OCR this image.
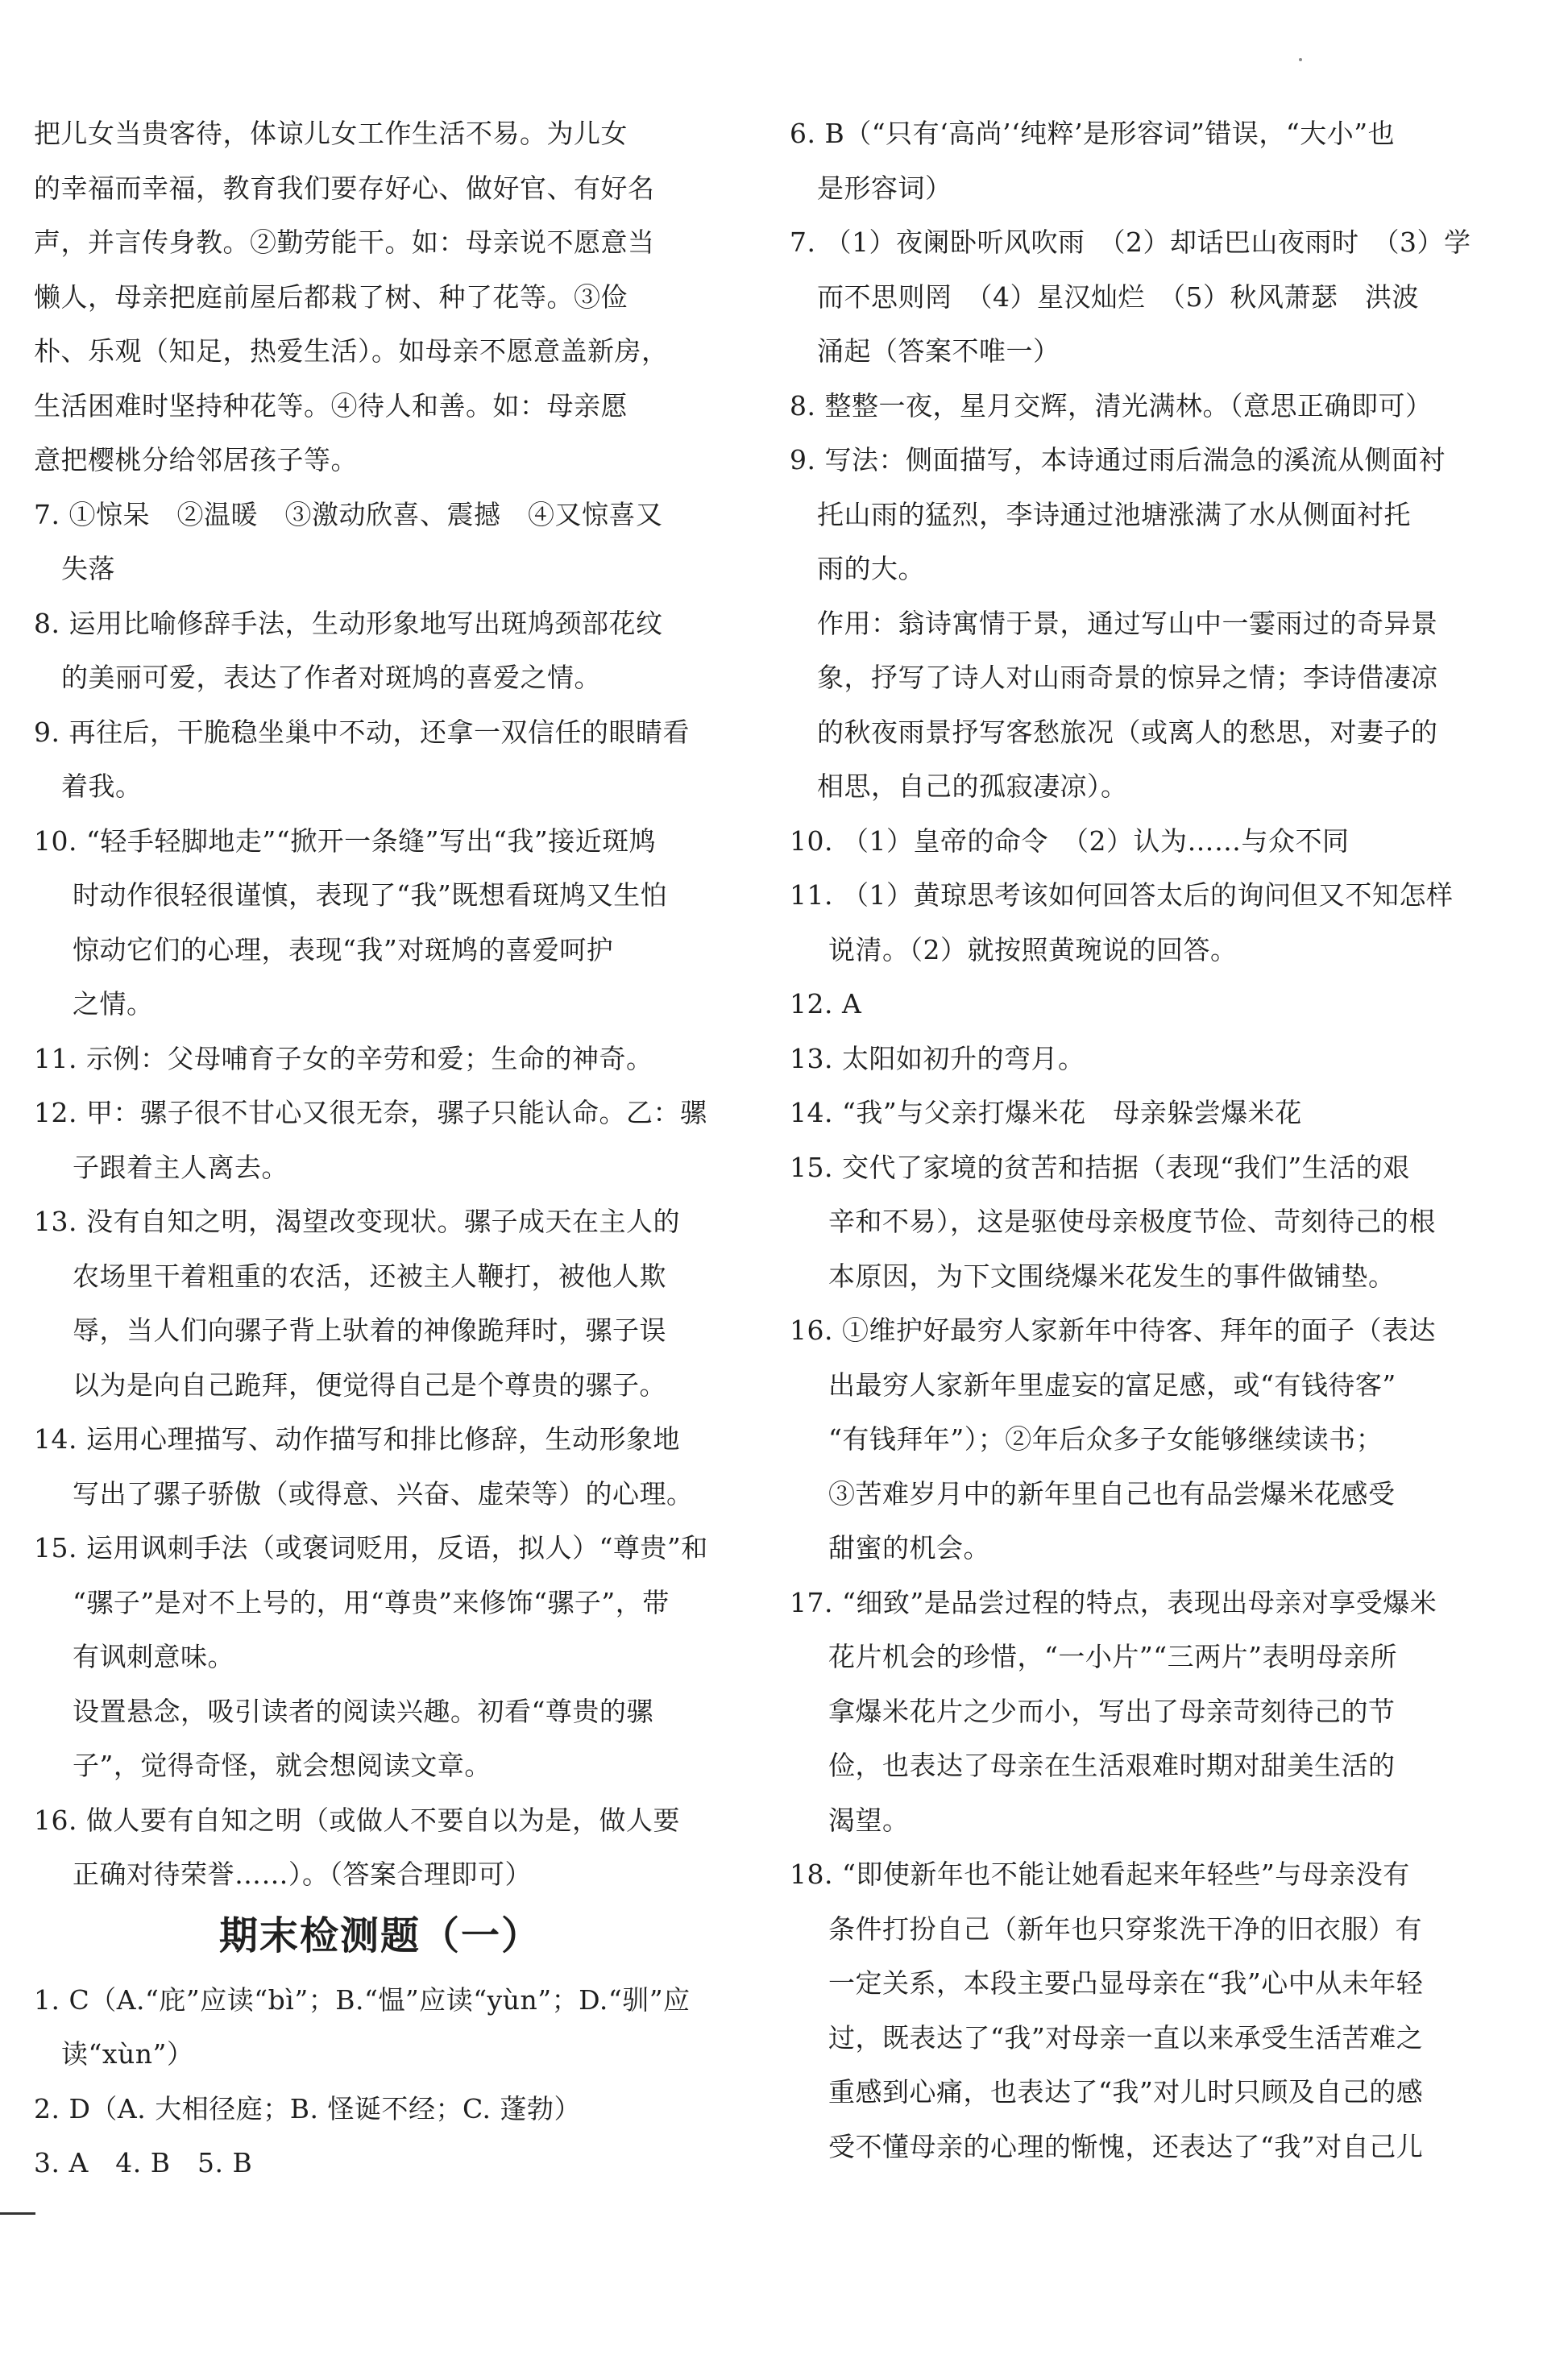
把儿女当贵客待，体谅儿女工作生活不易。为儿女

的幸福而幸福，教育我们要存好心、做好官、有好名

声，并言传身教。②勤劳能干。如：母亲说不愿意当

懒人，母亲把庭前屋后都栽了树、种了花等。③俭

朴、乐观（知足，热爱生活）。如母亲不愿意盖新房，

生活困难时坚持种花等。④待人和善。如：母亲愿

意把樱桃分给邻居孩子等。

7. ①惊呆　②温暖　③激动欣喜、震撼　④又惊喜又

失落

8. 运用比喻修辞手法，生动形象地写出斑鸠颈部花纹

的美丽可爱，表达了作者对斑鸠的喜爱之情。

9. 再往后，干脆稳坐巢中不动，还拿一双信任的眼睛看

着我。

10. “轻手轻脚地走”“掀开一条缝”写出“我”接近斑鸠

时动作很轻很谨慎，表现了“我”既想看斑鸠又生怕

惊动它们的心理，表现“我”对斑鸠的喜爱呵护

之情。

11. 示例：父母哺育子女的辛劳和爱；生命的神奇。

12. 甲：骡子很不甘心又很无奈，骡子只能认命。乙：骡

子跟着主人离去。

13. 没有自知之明，渴望改变现状。骡子成天在主人的

农场里干着粗重的农活，还被主人鞭打，被他人欺

辱，当人们向骡子背上驮着的神像跪拜时，骡子误

以为是向自己跪拜，便觉得自己是个尊贵的骡子。

14. 运用心理描写、动作描写和排比修辞，生动形象地

写出了骡子骄傲（或得意、兴奋、虚荣等）的心理。

15. 运用讽刺手法（或褒词贬用，反语，拟人）“尊贵”和

“骡子”是对不上号的，用“尊贵”来修饰“骡子”，带

有讽刺意味。

设置悬念，吸引读者的阅读兴趣。初看“尊贵的骡

子”，觉得奇怪，就会想阅读文章。

16. 做人要有自知之明（或做人不要自以为是，做人要

正确对待荣誉……）。（答案合理即可）

期末检测题（一）

1. C（A.“庇”应读“bì”；B.“愠”应读“yùn”；D.“驯”应

读“xùn”）

2. D（A. 大相径庭；B. 怪诞不经；C. 蓬勃）

3. A　4. B　5. B

6. B（“只有‘高尚’‘纯粹’是形容词”错误，“大小”也

是形容词）

7. （1）夜阑卧听风吹雨　（2）却话巴山夜雨时　（3）学

而不思则罔　（4）星汉灿烂　（5）秋风萧瑟　洪波

涌起（答案不唯一）

8. 整整一夜，星月交辉，清光满林。（意思正确即可）

9. 写法：侧面描写，本诗通过雨后湍急的溪流从侧面衬

托山雨的猛烈，李诗通过池塘涨满了水从侧面衬托

雨的大。

作用：翁诗寓情于景，通过写山中一霎雨过的奇异景

象，抒写了诗人对山雨奇景的惊异之情；李诗借凄凉

的秋夜雨景抒写客愁旅况（或离人的愁思，对妻子的

相思，自己的孤寂凄凉）。

10. （1）皇帝的命令　（2）认为……与众不同

11. （1）黄琼思考该如何回答太后的询问但又不知怎样

说清。（2）就按照黄琬说的回答。

12. A

13. 太阳如初升的弯月。

14. “我”与父亲打爆米花　母亲躲尝爆米花

15. 交代了家境的贫苦和拮据（表现“我们”生活的艰

辛和不易），这是驱使母亲极度节俭、苛刻待己的根

本原因，为下文围绕爆米花发生的事件做铺垫。

16. ①维护好最穷人家新年中待客、拜年的面子（表达

出最穷人家新年里虚妄的富足感，或“有钱待客”

“有钱拜年”）；②年后众多子女能够继续读书；

③苦难岁月中的新年里自己也有品尝爆米花感受

甜蜜的机会。

17. “细致”是品尝过程的特点，表现出母亲对享受爆米

花片机会的珍惜，“一小片”“三两片”表明母亲所

拿爆米花片之少而小，写出了母亲苛刻待己的节

俭，也表达了母亲在生活艰难时期对甜美生活的

渴望。

18. “即使新年也不能让她看起来年轻些”与母亲没有

条件打扮自己（新年也只穿浆洗干净的旧衣服）有

一定关系，本段主要凸显母亲在“我”心中从未年轻

过，既表达了“我”对母亲一直以来承受生活苦难之

重感到心痛，也表达了“我”对儿时只顾及自己的感

受不懂母亲的心理的惭愧，还表达了“我”对自己儿
